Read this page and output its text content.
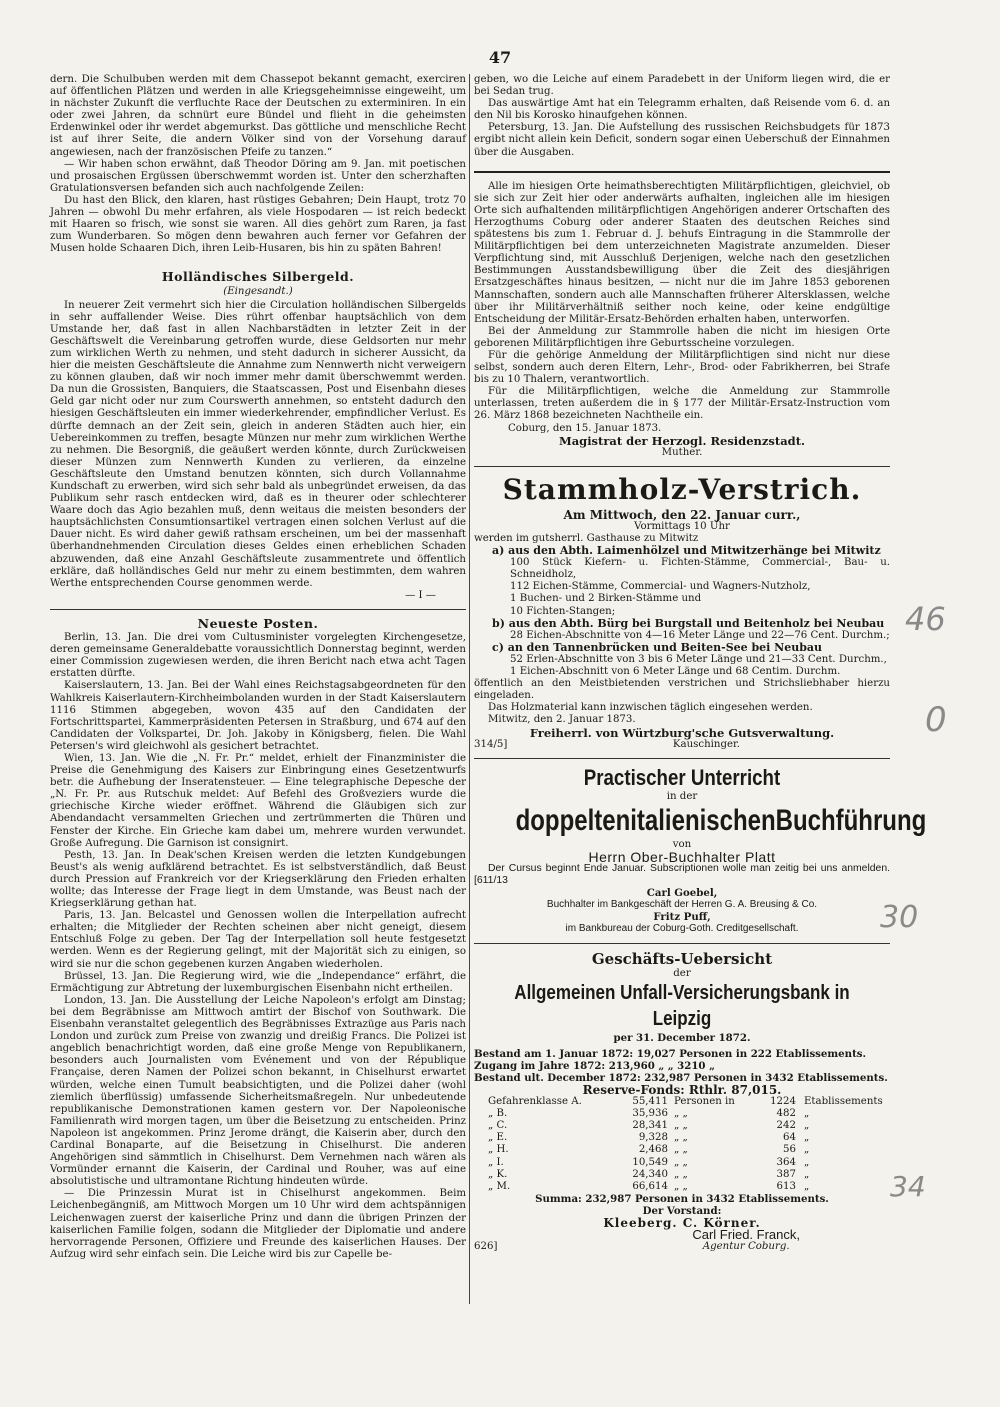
47

dern. Die Schulbuben werden mit dem Chassepot bekannt gemacht, exerciren auf öffentlichen Plätzen und werden in alle Kriegsgeheimnisse eingeweiht, um in nächster Zukunft die verfluchte Race der Deutschen zu exterminiren. In ein oder zwei Jahren, da schnürt eure Bündel und flieht in die geheimsten Erdenwinkel oder ihr werdet abgemurkst. Das göttliche und menschliche Recht ist auf ihrer Seite, die andern Völker sind von der Vorsehung darauf angewiesen, nach der französischen Pfeife zu tanzen.“

— Wir haben schon erwähnt, daß Theodor Döring am 9. Jan. mit poetischen und prosaischen Ergüssen überschwemmt worden ist. Unter den scherzhaften Gratulationsversen befanden sich auch nachfolgende Zeilen:

Du hast den Blick, den klaren, hast rüstiges Gebahren; Dein Haupt, trotz 70 Jahren — obwohl Du mehr erfahren, als viele Hospodaren — ist reich bedeckt mit Haaren so frisch, wie sonst sie waren. All dies gehört zum Raren, ja fast zum Wunderbaren. So mögen denn bewahren auch ferner vor Gefahren der Musen holde Schaaren Dich, ihren Leib-Husaren, bis hin zu späten Bahren!

Holländisches Silbergeld.
(Eingesandt.)

In neuerer Zeit vermehrt sich hier die Circulation holländischen Silbergelds in sehr auffallender Weise. Dies rührt offenbar hauptsächlich von dem Umstande her, daß fast in allen Nachbarstädten in letzter Zeit in der Geschäftswelt die Vereinbarung getroffen wurde, diese Geldsorten nur mehr zum wirklichen Werth zu nehmen, und steht dadurch in sicherer Aussicht, da hier die meisten Geschäftsleute die Annahme zum Nennwerth nicht verweigern zu können glauben, daß wir noch immer mehr damit überschwemmt werden. Da nun die Grossisten, Banquiers, die Staatscassen, Post und Eisenbahn dieses Geld gar nicht oder nur zum Courswerth annehmen, so entsteht dadurch den hiesigen Geschäftsleuten ein immer wiederkehrender, empfindlicher Verlust. Es dürfte demnach an der Zeit sein, gleich in anderen Städten auch hier, ein Uebereinkommen zu treffen, besagte Münzen nur mehr zum wirklichen Werthe zu nehmen. Die Besorgniß, die geäußert werden könnte, durch Zurückweisen dieser Münzen zum Nennwerth Kunden zu verlieren, da einzelne Geschäftsleute den Umstand benutzen könnten, sich durch Vollannahme Kundschaft zu erwerben, wird sich sehr bald als unbegründet erweisen, da das Publikum sehr rasch entdecken wird, daß es in theurer oder schlechterer Waare doch das Agio bezahlen muß, denn weitaus die meisten besonders der hauptsächlichsten Consumtionsartikel vertragen einen solchen Verlust auf die Dauer nicht. Es wird daher gewiß rathsam erscheinen, um bei der massenhaft überhandnehmenden Circulation dieses Geldes einen erheblichen Schaden abzuwenden, daß eine Anzahl Geschäftsleute zusammentrete und öffentlich erkläre, daß holländisches Geld nur mehr zu einem bestimmten, dem wahren Werthe entsprechenden Course genommen werde.

— I —
Neueste Posten.

Berlin, 13. Jan. Die drei vom Cultusminister vorgelegten Kirchengesetze, deren gemeinsame Generaldebatte voraussichtlich Donnerstag beginnt, werden einer Commission zugewiesen werden, die ihren Bericht nach etwa acht Tagen erstatten dürfte.

Kaiserslautern, 13. Jan. Bei der Wahl eines Reichstagsabgeordneten für den Wahlkreis Kaiserlautern-Kirchheimbolanden wurden in der Stadt Kaiserslautern 1116 Stimmen abgegeben, wovon 435 auf den Candidaten der Fortschrittspartei, Kammerpräsidenten Petersen in Straßburg, und 674 auf den Candidaten der Volkspartei, Dr. Joh. Jakoby in Königsberg, fielen. Die Wahl Petersen's wird gleichwohl als gesichert betrachtet.

Wien, 13. Jan. Wie die „N. Fr. Pr.“ meldet, erhielt der Finanzminister die Preise die Genehmigung des Kaisers zur Einbringung eines Gesetzentwurfs betr. die Aufhebung der Inseratensteuer. — Eine telegraphische Depesche der „N. Fr. Pr. aus Rutschuk meldet: Auf Befehl des Großveziers wurde die griechische Kirche wieder eröffnet. Während die Gläubigen sich zur Abendandacht versammelten Griechen und zertrümmerten die Thüren und Fenster der Kirche. Ein Grieche kam dabei um, mehrere wurden verwundet. Große Aufregung. Die Garnison ist consignirt.

Pesth, 13. Jan. In Deak'schen Kreisen werden die letzten Kundgebungen Beust's als wenig aufklärend betrachtet. Es ist selbstverständlich, daß Beust durch Pression auf Frankreich vor der Kriegserklärung den Frieden erhalten wollte; das Interesse der Frage liegt in dem Umstande, was Beust nach der Kriegserklärung gethan hat.

Paris, 13. Jan. Belcastel und Genossen wollen die Interpellation aufrecht erhalten; die Mitglieder der Rechten scheinen aber nicht geneigt, diesem Entschluß Folge zu geben. Der Tag der Interpellation soll heute festgesetzt werden. Wenn es der Regierung gelingt, mit der Majorität sich zu einigen, so wird sie nur die schon gegebenen kurzen Angaben wiederholen.

Brüssel, 13. Jan. Die Regierung wird, wie die „Independance“ erfährt, die Ermächtigung zur Abtretung der luxemburgischen Eisenbahn nicht ertheilen.

London, 13. Jan. Die Ausstellung der Leiche Napoleon's erfolgt am Dinstag; bei dem Begräbnisse am Mittwoch amtirt der Bischof von Southwark. Die Eisenbahn veranstaltet gelegentlich des Begräbnisses Extrazüge aus Paris nach London und zurück zum Preise von zwanzig und dreißig Francs. Die Polizei ist angeblich benachrichtigt worden, daß eine große Menge von Republikanern, besonders auch Journalisten vom Evénement und von der République Française, deren Namen der Polizei schon bekannt, in Chiselhurst erwartet würden, welche einen Tumult beabsichtigten, und die Polizei daher (wohl ziemlich überflüssig) umfassende Sicherheitsmaßregeln. Nur unbedeutende republikanische Demonstrationen kamen gestern vor. Der Napoleonische Familienrath wird morgen tagen, um über die Beisetzung zu entscheiden. Prinz Napoleon ist angekommen. Prinz Jerome drängt, die Kaiserin aber, durch den Cardinal Bonaparte, auf die Beisetzung in Chiselhurst. Die anderen Angehörigen sind sämmtlich in Chiselhurst. Dem Vernehmen nach wären als Vormünder ernannt die Kaiserin, der Cardinal und Rouher, was auf eine absolutistische und ultramontane Richtung hindeuten würde.

— Die Prinzessin Murat ist in Chiselhurst angekommen. Beim Leichenbegängniß, am Mittwoch Morgen um 10 Uhr wird dem achtspännigen Leichenwagen zuerst der kaiserliche Prinz und dann die übrigen Prinzen der kaiserlichen Familie folgen, sodann die Mitglieder der Diplomatie und andere hervorragende Personen, Offiziere und Freunde des kaiserlichen Hauses. Der Aufzug wird sehr einfach sein. Die Leiche wird bis zur Capelle be-

geben, wo die Leiche auf einem Paradebett in der Uniform liegen wird, die er bei Sedan trug.

Das auswärtige Amt hat ein Telegramm erhalten, daß Reisende vom 6. d. an den Nil bis Korosko hinaufgehen können.

Petersburg, 13. Jan. Die Aufstellung des russischen Reichsbudgets für 1873 ergibt nicht allein kein Deficit, sondern sogar einen Ueberschuß der Einnahmen über die Ausgaben.

Alle im hiesigen Orte heimathsberechtigten Militärpflichtigen, gleichviel, ob sie sich zur Zeit hier oder anderwärts aufhalten, ingleichen alle im hiesigen Orte sich aufhaltenden militärpflichtigen Angehörigen anderer Ortschaften des Herzogthums Coburg oder anderer Staaten des deutschen Reiches sind spätestens bis zum 1. Februar d. J. behufs Eintragung in die Stammrolle der Militärpflichtigen bei dem unterzeichneten Magistrate anzumelden. Dieser Verpflichtung sind, mit Ausschluß Derjenigen, welche nach den gesetzlichen Bestimmungen Ausstandsbewilligung über die Zeit des diesjährigen Ersatzgeschäftes hinaus besitzen, — nicht nur die im Jahre 1853 geborenen Mannschaften, sondern auch alle Mannschaften früherer Altersklassen, welche über ihr Militärverhältniß seither noch keine, oder keine endgültige Entscheidung der Militär-Ersatz-Behörden erhalten haben, unterworfen.

Bei der Anmeldung zur Stammrolle haben die nicht im hiesigen Orte geborenen Militärpflichtigen ihre Geburtsscheine vorzulegen.

Für die gehörige Anmeldung der Militärpflichtigen sind nicht nur diese selbst, sondern auch deren Eltern, Lehr-, Brod- oder Fabrikherren, bei Strafe bis zu 10 Thalern, verantwortlich.

Für die Militärpflichtigen, welche die Anmeldung zur Stammrolle unterlassen, treten außerdem die in § 177 der Militär-Ersatz-Instruction vom 26. März 1868 bezeichneten Nachtheile ein.

Coburg, den 15. Januar 1873.

Magistrat der Herzogl. Residenzstadt.
Muther.
Stammholz-Verstrich.
Am Mittwoch, den 22. Januar curr.,
Vormittags 10 Uhr
werden im gutsherrl. Gasthause zu Mitwitz
a) aus den Abth. Laimenhölzel und Mitwitzerhänge bei Mitwitz
100 Stück Kiefern- u. Fichten-Stämme, Commercial-, Bau- u. Schneidholz,
112 Eichen-Stämme, Commercial- und Wagners-Nutzholz,
1 Buchen- und 2 Birken-Stämme und
10 Fichten-Stangen;
b) aus den Abth. Bürg bei Burgstall und Beitenholz bei Neubau
28 Eichen-Abschnitte von 4—16 Meter Länge und 22—76 Cent. Durchm.;
c) an den Tannenbrücken und Beiten-See bei Neubau
52 Erlen-Abschnitte von 3 bis 6 Meter Länge und 21—33 Cent. Durchm.,
1 Eichen-Abschnitt von 6 Meter Länge und 68 Centim. Durchm.

öffentlich an den Meistbietenden verstrichen und Strichsliebhaber hierzu eingeladen.

Das Holzmaterial kann inzwischen täglich eingesehen werden.

Mitwitz, den 2. Januar 1873.

Freiherrl. von Würtzburg'sche Gutsverwaltung.
314/5]	Kauschinger.
Practischer Unterricht
in der
doppeltenitalienischenBuchführung
von
Herrn Ober-Buchhalter Platt

Der Cursus beginnt Ende Januar. Subscriptionen wolle man zeitig bei uns anmelden. [611/13

Carl Goebel,
Buchhalter im Bankgeschäft der Herren G. A. Breusing & Co.
Fritz Puff,
im Bankbureau der Coburg-Goth. Creditgesellschaft.
Geschäfts-Uebersicht
der
Allgemeinen Unfall-Versicherungsbank in Leipzig
per 31. December 1872.
Bestand am 1. Januar 1872: 19,027 Personen in 222 Etablissements.
Zugang im Jahre 1872: 213,960 „ „ 3210 „
Bestand ult. December 1872: 232,987 Personen in 3432 Etablissements.
Reserve-Fonds: Rthlr. 87,015.
Gefahrenklasse A.	55,411 Personen in	1224 Etablissements
„ B.	35,936 „ „	482 „
„ C.	28,341 „ „	242 „
„ E.	9,328 „ „	64 „
„ H.	2,468 „ „	56 „
„ I.	10,549 „ „	364 „
„ K.	24,340 „ „	387 „
„ M.	66,614 „ „	613 „
Summa: 232,987 Personen in 3432 Etablissements.
Der Vorstand:
Kleeberg. C. Körner.
626]
Carl Fried. Franck,
Agentur Coburg.
0
46
30
34
